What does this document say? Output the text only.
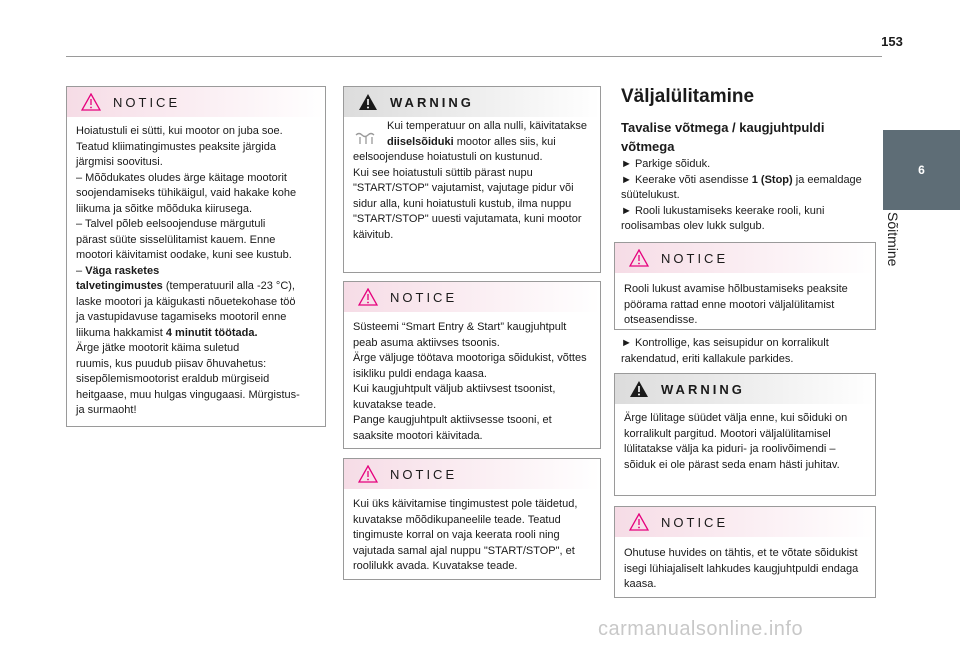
153
6
Sõitmine
NOTICE

Hoiatustuli ei sütti, kui mootor on juba soe.

Teatud kliimatingimustes peaksite järgida

järgmisi soovitusi.

– Mõõdukates oludes ärge käitage mootorit

soojendamiseks tühikäigul, vaid hakake kohe

liikuma ja sõitke mõõduka kiirusega.

– Talvel põleb eelsoojenduse märgutuli

pärast süüte sisselülitamist kauem. Enne

mootori käivitamist oodake, kuni see kustub.

– Väga rasketes

talvetingimustes (temperatuuril alla -23 °C),

laske mootori ja käigukasti nõuetekohase töö

ja vastupidavuse tagamiseks mootoril enne

liikuma hakkamist 4 minutit töötada.

Ärge jätke mootorit käima suletud

ruumis, kus puudub piisav õhuvahetus:

sisepõlemismootorist eraldub mürgiseid

heitgaase, muu hulgas vingugaasi. Mürgistus-

ja surmaoht!

WARNING

Kui temperatuur on alla nulli, käivitatakse diiselsõiduki mootor alles siis, kui eelsoojenduse hoiatustuli on kustunud.

Kui see hoiatustuli süttib pärast nupu "START/STOP" vajutamist, vajutage pidur või sidur alla, kuni hoiatustuli kustub, ilma nuppu "START/STOP" uuesti vajutamata, kuni mootor käivitub.

NOTICE

Süsteemi “Smart Entry & Start” kaugjuhtpult peab asuma aktiivses tsoonis.

Ärge väljuge töötava mootoriga sõidukist, võttes isikliku puldi endaga kaasa.

Kui kaugjuhtpult väljub aktiivsest tsoonist, kuvatakse teade.

Pange kaugjuhtpult aktiivsesse tsooni, et saaksite mootori käivitada.

NOTICE

Kui üks käivitamise tingimustest pole täidetud, kuvatakse mõõdikupaneelile teade. Teatud tingimuste korral on vaja keerata rooli ning vajutada samal ajal nuppu "START/STOP", et roolilukk avada. Kuvatakse teade.

Väljalülitamine
Tavalise võtmega / kaugjuhtpuldi võtmega

► Parkige sõiduk.

► Keerake võti asendisse 1 (Stop) ja eemaldage süütelukust.

► Rooli lukustamiseks keerake rooli, kuni roolisambas olev lukk sulgub.

NOTICE

Rooli lukust avamise hõlbustamiseks peaksite pöörama rattad enne mootori väljalülitamist otseasendisse.

► Kontrollige, kas seisupidur on korralikult rakendatud, eriti kallakule parkides.

WARNING

Ärge lülitage süüdet välja enne, kui sõiduki on korralikult pargitud. Mootori väljalülitamisel lülitatakse välja ka piduri- ja roolivõimendi – sõiduk ei ole pärast seda enam hästi juhitav.

NOTICE

Ohutuse huvides on tähtis, et te võtate sõidukist isegi lühiajaliselt lahkudes kaugjuhtpuldi endaga kaasa.

carmanualsonline.info
